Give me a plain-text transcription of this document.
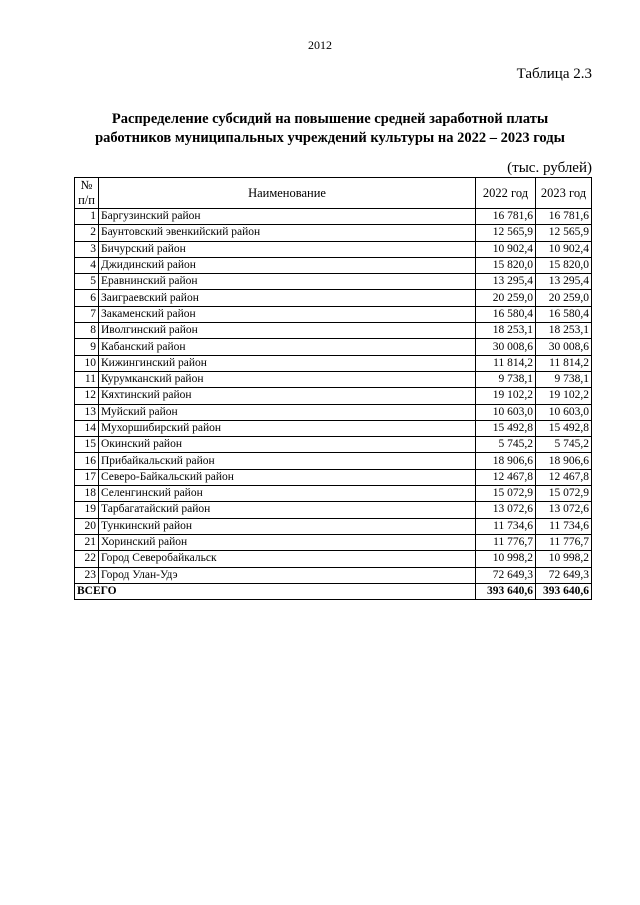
2012
Таблица 2.3
Распределение субсидий на повышение средней заработной платы
работников муниципальных учреждений культуры на 2022 – 2023 годы
(тыс. рублей)
№
п/п	Наименование	2022 год	2023 год
1	Баргузинский район	16 781,6	16 781,6
2	Баунтовский эвенкийский район	12 565,9	12 565,9
3	Бичурский район	10 902,4	10 902,4
4	Джидинский район	15 820,0	15 820,0
5	Еравнинский район	13 295,4	13 295,4
6	Заиграевский район	20 259,0	20 259,0
7	Закаменский район	16 580,4	16 580,4
8	Иволгинский район	18 253,1	18 253,1
9	Кабанский район	30 008,6	30 008,6
10	Кижингинский район	11 814,2	11 814,2
11	Курумканский район	9 738,1	9 738,1
12	Кяхтинский район	19 102,2	19 102,2
13	Муйский район	10 603,0	10 603,0
14	Мухоршибирский район	15 492,8	15 492,8
15	Окинский район	5 745,2	5 745,2
16	Прибайкальский район	18 906,6	18 906,6
17	Северо-Байкальский район	12 467,8	12 467,8
18	Селенгинский район	15 072,9	15 072,9
19	Тарбагатайский район	13 072,6	13 072,6
20	Тункинский район	11 734,6	11 734,6
21	Хоринский район	11 776,7	11 776,7
22	Город Северобайкальск	10 998,2	10 998,2
23	Город Улан-Удэ	72 649,3	72 649,3
ВСЕГО		393 640,6	393 640,6
